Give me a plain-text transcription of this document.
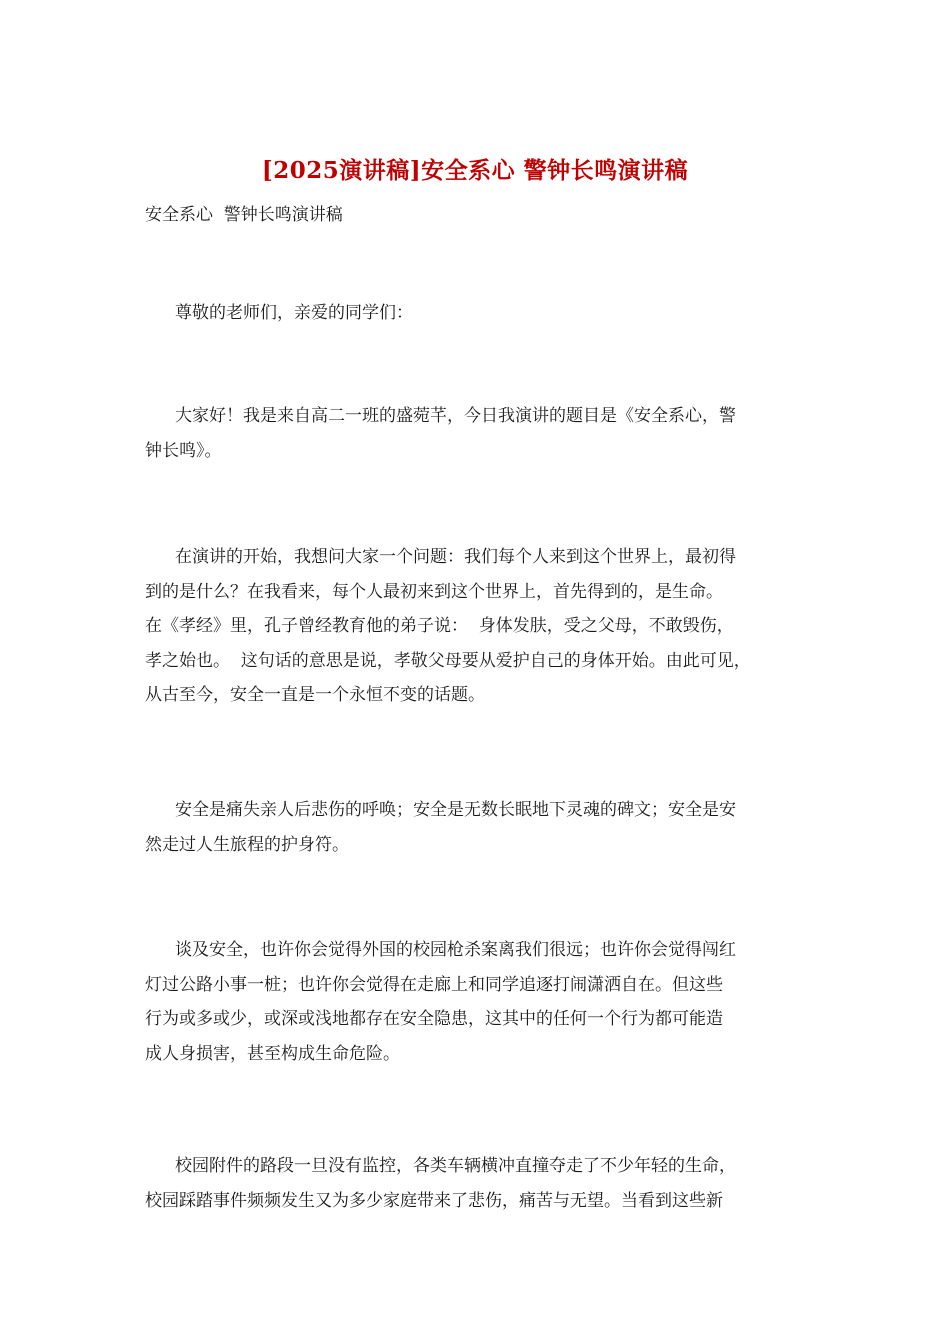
[2025演讲稿]安全系心 警钟长鸣演讲稿

安全系心  警钟长鸣演讲稿

尊敬的老师们，亲爱的同学们：
大家好！我是来自高二一班的盛菀芊，今日我演讲的题目是《安全系心，警
钟长鸣》。
在演讲的开始，我想问大家一个问题：我们每个人来到这个世界上，最初得
到的是什么？在我看来，每个人最初来到这个世界上，首先得到的，是生命。
在《孝经》里，孔子曾经教育他的弟子说：  身体发肤，受之父母，不敢毁伤，
孝之始也。  这句话的意思是说，孝敬父母要从爱护自己的身体开始。由此可见，
从古至今，安全一直是一个永恒不变的话题。
安全是痛失亲人后悲伤的呼唤；安全是无数长眠地下灵魂的碑文；安全是安
然走过人生旅程的护身符。
谈及安全，也许你会觉得外国的校园枪杀案离我们很远；也许你会觉得闯红
灯过公路小事一桩；也许你会觉得在走廊上和同学追逐打闹潇洒自在。但这些
行为或多或少，或深或浅地都存在安全隐患，这其中的任何一个行为都可能造
成人身损害，甚至构成生命危险。
校园附件的路段一旦没有监控，各类车辆横冲直撞夺走了不少年轻的生命，
校园踩踏事件频频发生又为多少家庭带来了悲伤，痛苦与无望。当看到这些新
